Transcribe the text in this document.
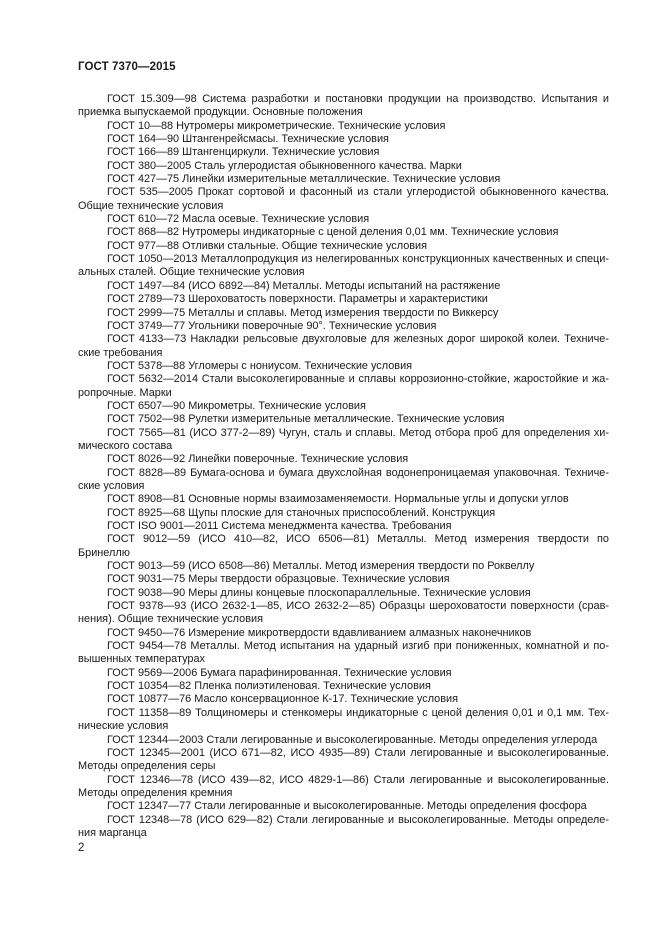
ГОСТ 7370—2015

ГОСТ 15.309—98 Система разработки и постановки продукции на производство. Испытания и приемка выпускаемой продукции. Основные положения

ГОСТ 10—88 Нутромеры микрометрические. Технические условия

ГОСТ 164—90 Штангенрейсмасы. Технические условия

ГОСТ 166—89 Штангенциркули. Технические условия

ГОСТ 380—2005 Сталь углеродистая обыкновенного качества. Марки

ГОСТ 427—75 Линейки измерительные металлические. Технические условия

ГОСТ 535—2005 Прокат сортовой и фасонный из стали углеродистой обыкновенного качества. Общие технические условия

ГОСТ 610—72 Масла осевые. Технические условия

ГОСТ 868—82 Нутромеры индикаторные с ценой деления 0,01 мм. Технические условия

ГОСТ 977—88 Отливки стальные. Общие технические условия

ГОСТ 1050—2013 Металлопродукция из нелегированных конструкционных качественных и специальных сталей. Общие технические условия

ГОСТ 1497—84 (ИСО 6892—84) Металлы. Методы испытаний на растяжение

ГОСТ 2789—73 Шероховатость поверхности. Параметры и характеристики

ГОСТ 2999—75 Металлы и сплавы. Метод измерения твердости по Виккерсу

ГОСТ 3749—77 Угольники поверочные 90°. Технические условия

ГОСТ 4133—73 Накладки рельсовые двухголовые для железных дорог широкой колеи. Технические требования

ГОСТ 5378—88 Угломеры с нониусом. Технические условия

ГОСТ 5632—2014 Стали высоколегированные и сплавы коррозионно-стойкие, жаростойкие и жаропрочные. Марки

ГОСТ 6507—90 Микрометры. Технические условия

ГОСТ 7502—98 Рулетки измерительные металлические. Технические условия

ГОСТ 7565—81 (ИСО 377-2—89) Чугун, сталь и сплавы. Метод отбора проб для определения химического состава

ГОСТ 8026—92 Линейки поверочные. Технические условия

ГОСТ 8828—89 Бумага-основа и бумага двухслойная водонепроницаемая упаковочная. Технические условия

ГОСТ 8908—81 Основные нормы взаимозаменяемости. Нормальные углы и допуски углов

ГОСТ 8925—68 Щупы плоские для станочных приспособлений. Конструкция

ГОСТ ISO 9001—2011 Система менеджмента качества. Требования

ГОСТ 9012—59 (ИСО 410—82, ИСО 6506—81) Металлы. Метод измерения твердости по Бринеллю

ГОСТ 9013—59 (ИСО 6508—86) Металлы. Метод измерения твердости по Роквеллу

ГОСТ 9031—75 Меры твердости образцовые. Технические условия

ГОСТ 9038—90 Меры длины концевые плоскопараллельные. Технические условия

ГОСТ 9378—93 (ИСО 2632-1—85, ИСО 2632-2—85) Образцы шероховатости поверхности (сравнения). Общие технические условия

ГОСТ 9450—76 Измерение микротвердости вдавливанием алмазных наконечников

ГОСТ 9454—78 Металлы. Метод испытания на ударный изгиб при пониженных, комнатной и повышенных температурах

ГОСТ 9569—2006 Бумага парафинированная. Технические условия

ГОСТ 10354—82 Пленка полиэтиленовая. Технические условия

ГОСТ 10877—76 Масло консервационное К-17. Технические условия

ГОСТ 11358—89 Толщиномеры и стенкомеры индикаторные с ценой деления 0,01 и 0,1 мм. Технические условия

ГОСТ 12344—2003 Стали легированные и высоколегированные. Методы определения углерода

ГОСТ 12345—2001 (ИСО 671—82, ИСО 4935—89) Стали легированные и высоколегированные. Методы определения серы

ГОСТ 12346—78 (ИСО 439—82, ИСО 4829-1—86) Стали легированные и высоколегированные. Методы определения кремния

ГОСТ 12347—77 Стали легированные и высоколегированные. Методы определения фосфора

ГОСТ 12348—78 (ИСО 629—82) Стали легированные и высоколегированные. Методы определения марганца

2
